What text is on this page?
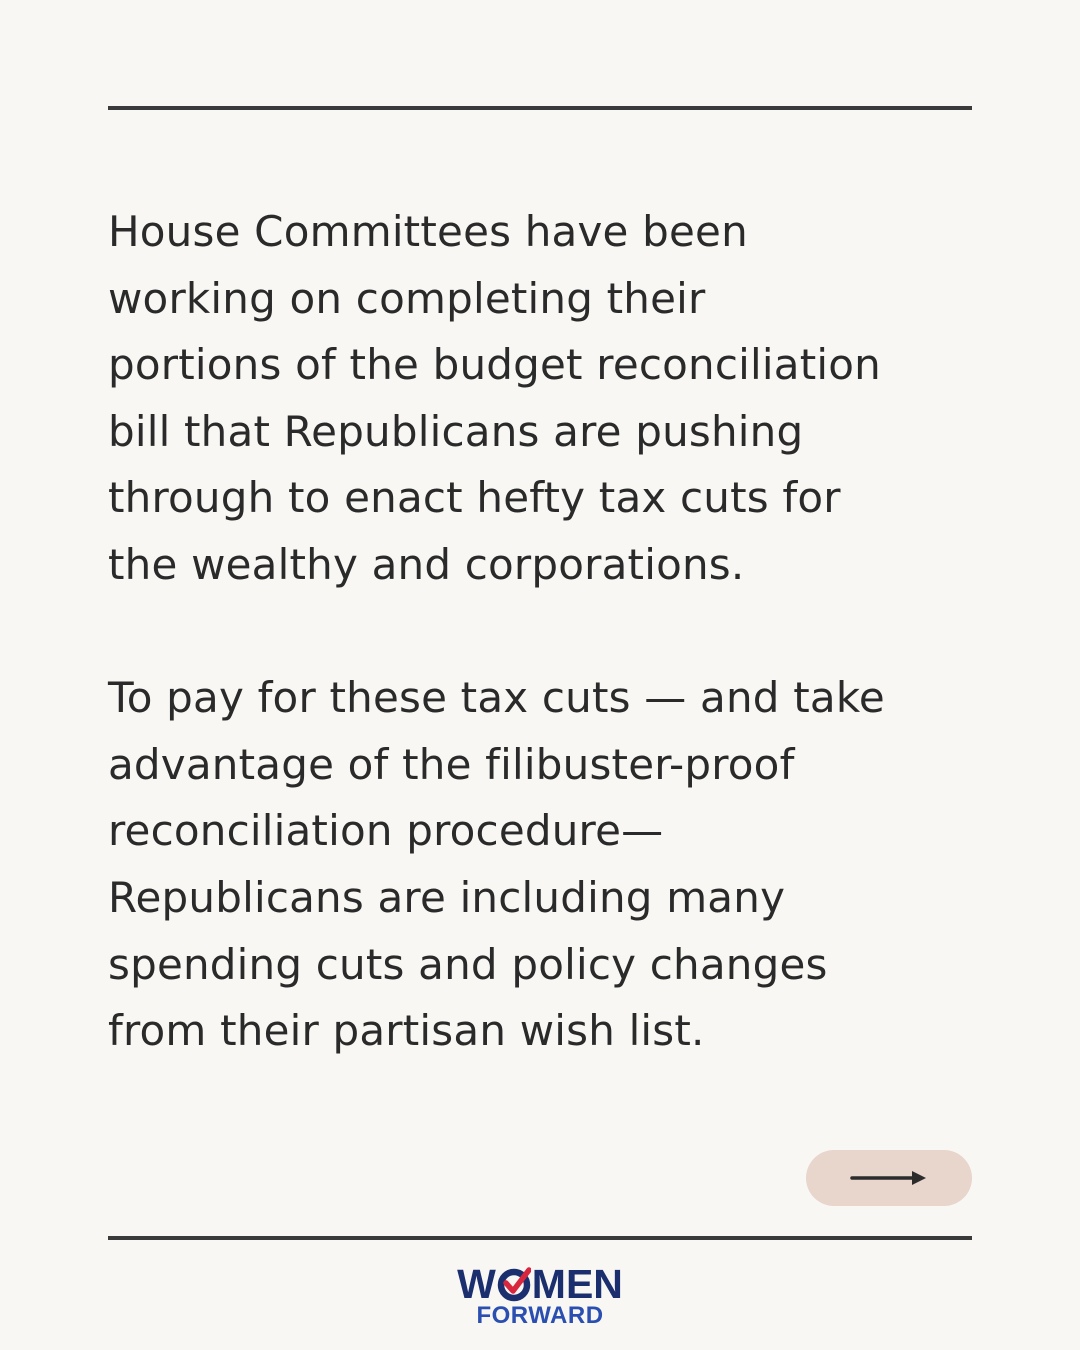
House Committees have been
working on completing their
portions of the budget reconciliation
bill that Republicans are pushing
through to enact hefty tax cuts for
the wealthy and corporations.

To pay for these tax cuts — and take
advantage of the filibuster-proof
reconciliation procedure—
Republicans are including many
spending cuts and policy changes
from their partisan wish list.

W MEN
FORWARD
